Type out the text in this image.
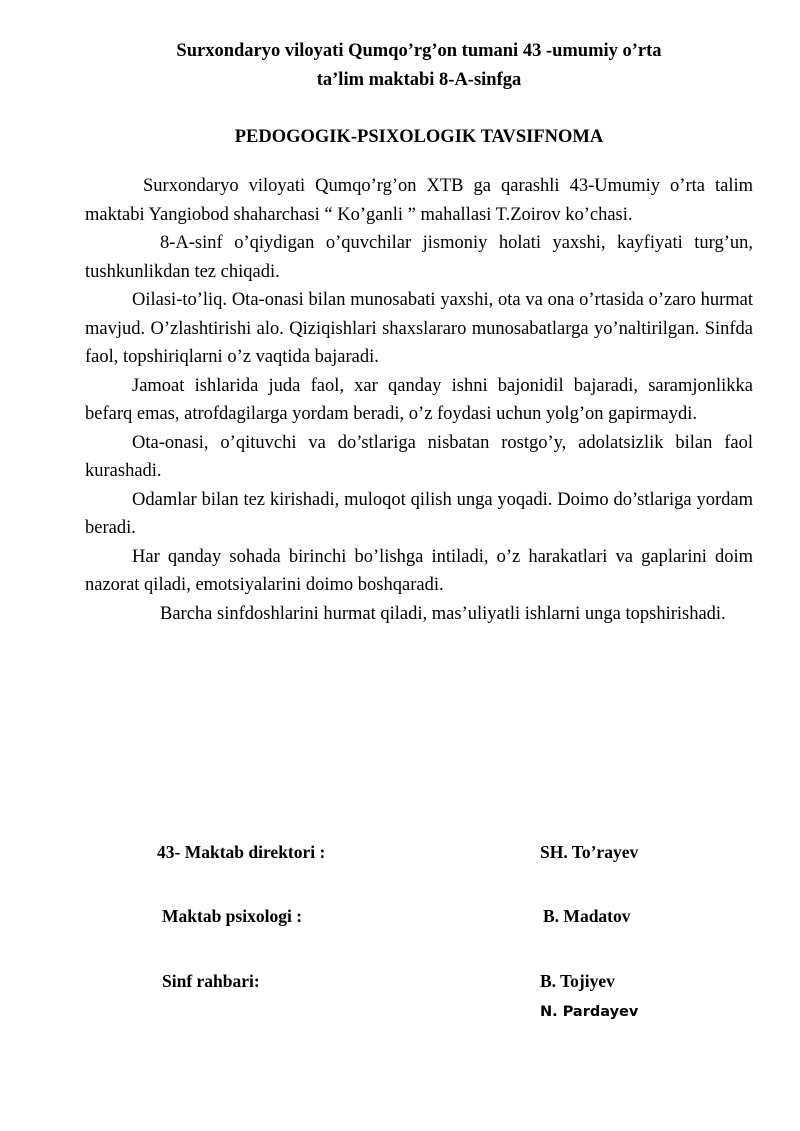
Surxondaryo viloyati Qumqo’rg’on tumani 43 -umumiy o’rta
ta’lim maktabi 8-A-sinfga
PEDOGOGIK-PSIXOLOGIK TAVSIFNOMA

Surxondaryo viloyati Qumqo’rg’on XTB ga qarashli 43-Umumiy o’rta talim maktabi Yangiobod shaharchasi “ Ko’ganli ” mahallasi T.Zoirov ko’chasi.

8-A-sinf o’qiydigan o’quvchilar jismoniy holati yaxshi, kayfiyati turg’un, tushkunlikdan tez chiqadi.

Oilasi-to’liq. Ota-onasi bilan munosabati yaxshi, ota va ona o’rtasida o’zaro hurmat mavjud. O’zlashtirishi alo. Qiziqishlari shaxslararo munosabatlarga yo’naltirilgan. Sinfda faol, topshiriqlarni o’z vaqtida bajaradi.

Jamoat ishlarida juda faol, xar qanday ishni bajonidil bajaradi, saramjonlikka befarq emas, atrofdagilarga yordam beradi, o’z foydasi uchun yolg’on gapirmaydi.

Ota-onasi, o’qituvchi va do’stlariga nisbatan rostgo’y, adolatsizlik bilan faol kurashadi.

Odamlar bilan tez kirishadi, muloqot qilish unga yoqadi. Doimo do’stlariga yordam beradi.

Har qanday sohada birinchi bo’lishga intiladi, o’z harakatlari va gaplarini doim nazorat qiladi, emotsiyalarini doimo boshqaradi.

Barcha sinfdoshlarini hurmat qiladi, mas’uliyatli ishlarni unga topshirishadi.

43- Maktab direktori :	SH. To’rayev
Maktab psixologi :	B. Madatov
Sinf rahbari:	B. Tojiyev
N. Pardayev
